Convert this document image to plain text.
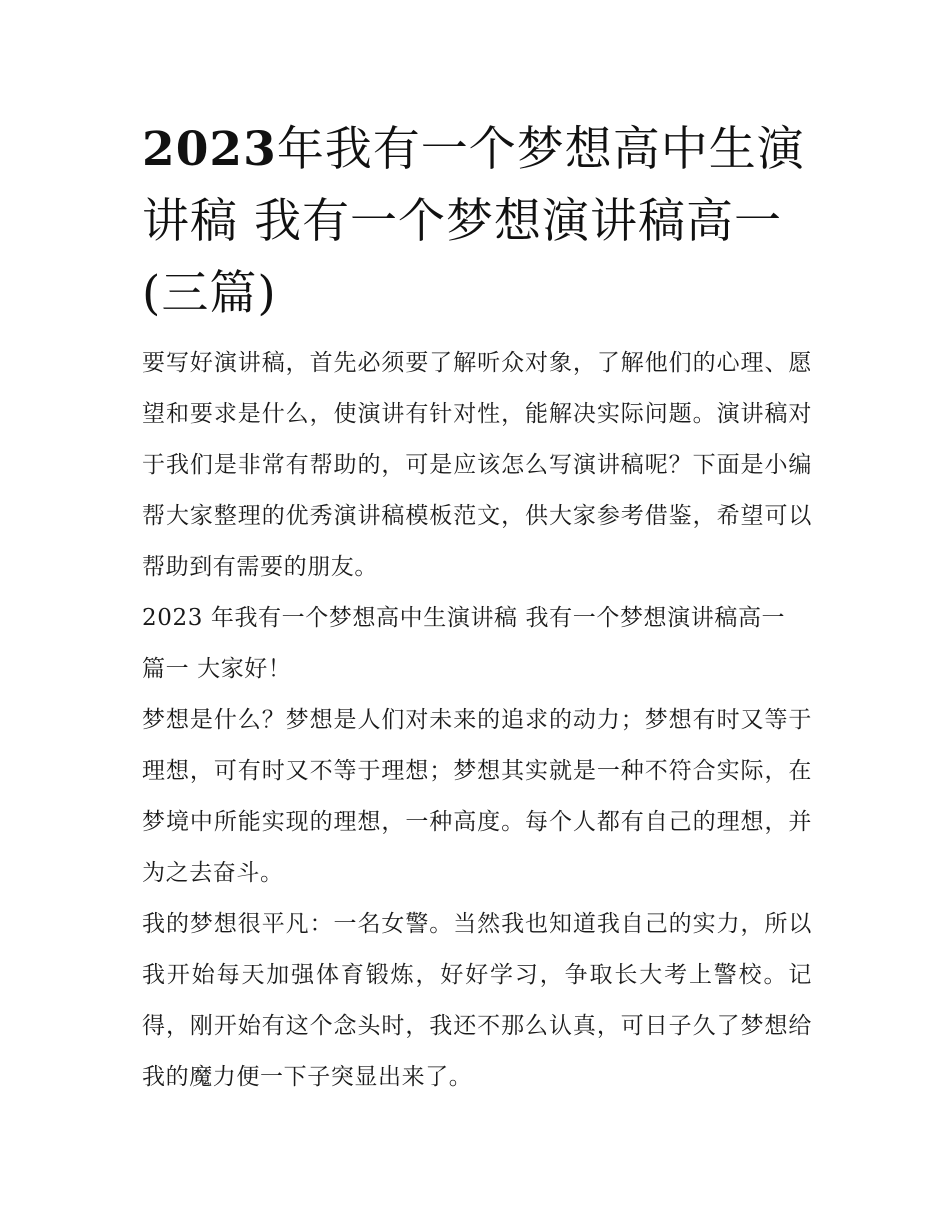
2023年我有一个梦想高中生演讲稿 我有一个梦想演讲稿高一(三篇)

要写好演讲稿，首先必须要了解听众对象，了解他们的心理、愿望和要求是什么，使演讲有针对性，能解决实际问题。演讲稿对于我们是非常有帮助的，可是应该怎么写演讲稿呢？下面是小编帮大家整理的优秀演讲稿模板范文，供大家参考借鉴，希望可以帮助到有需要的朋友。

2023 年我有一个梦想高中生演讲稿 我有一个梦想演讲稿高一

篇一 大家好！

梦想是什么？梦想是人们对未来的追求的动力；梦想有时又等于理想，可有时又不等于理想；梦想其实就是一种不符合实际，在梦境中所能实现的理想，一种高度。每个人都有自己的理想，并为之去奋斗。

我的梦想很平凡：一名女警。当然我也知道我自己的实力，所以我开始每天加强体育锻炼，好好学习，争取长大考上警校。记得，刚开始有这个念头时，我还不那么认真，可日子久了梦想给我的魔力便一下子突显出来了。
